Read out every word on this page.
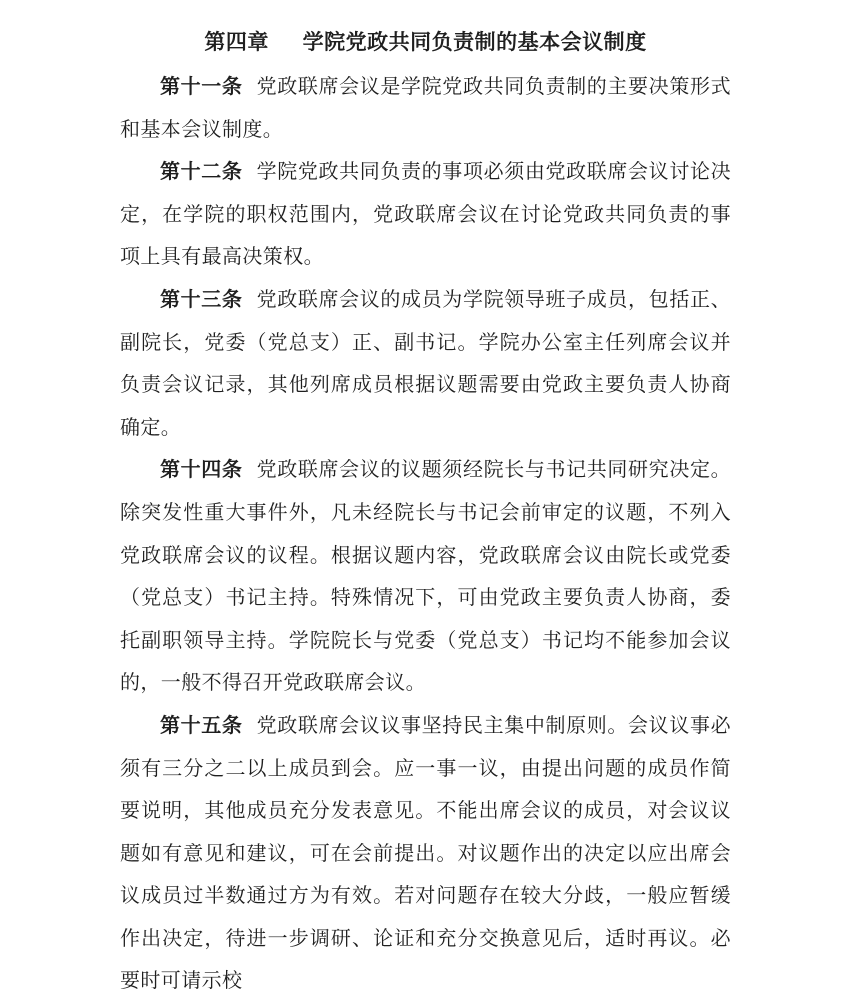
第四章 学院党政共同负责制的基本会议制度

第十一条 党政联席会议是学院党政共同负责制的主要决策形式和基本会议制度。

第十二条 学院党政共同负责的事项必须由党政联席会议讨论决定，在学院的职权范围内，党政联席会议在讨论党政共同负责的事项上具有最高决策权。

第十三条 党政联席会议的成员为学院领导班子成员，包括正、副院长，党委（党总支）正、副书记。学院办公室主任列席会议并负责会议记录，其他列席成员根据议题需要由党政主要负责人协商确定。

第十四条 党政联席会议的议题须经院长与书记共同研究决定。除突发性重大事件外，凡未经院长与书记会前审定的议题，不列入党政联席会议的议程。根据议题内容，党政联席会议由院长或党委（党总支）书记主持。特殊情况下，可由党政主要负责人协商，委托副职领导主持。学院院长与党委（党总支）书记均不能参加会议的，一般不得召开党政联席会议。

第十五条 党政联席会议议事坚持民主集中制原则。会议议事必须有三分之二以上成员到会。应一事一议，由提出问题的成员作简要说明，其他成员充分发表意见。不能出席会议的成员，对会议议题如有意见和建议，可在会前提出。对议题作出的决定以应出席会议成员过半数通过方为有效。若对问题存在较大分歧，一般应暂缓作出决定，待进一步调研、论证和充分交换意见后，适时再议。必要时可请示校
